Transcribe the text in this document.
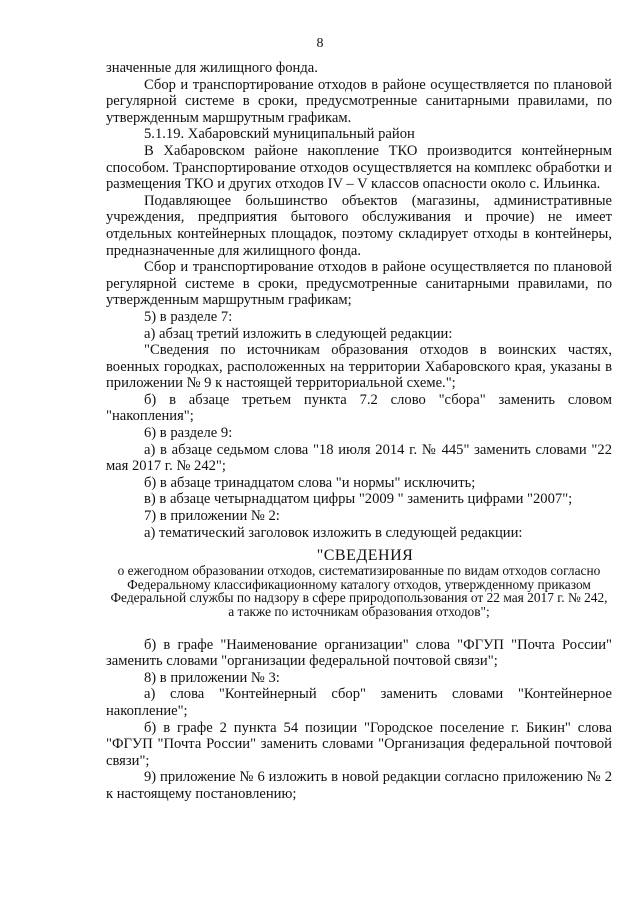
8

значенные для жилищного фонда.

Сбор и транспортирование отходов в районе осуществляется по плановой регулярной системе в сроки, предусмотренные санитарными правилами, по утвержденным маршрутным графикам.

5.1.19. Хабаровский муниципальный район

В Хабаровском районе накопление ТКО производится контейнерным способом. Транспортирование отходов осуществляется на комплекс обработки и размещения ТКО и других отходов IV – V классов опасности около с. Ильинка.

Подавляющее большинство объектов (магазины, административные учреждения, предприятия бытового обслуживания и прочие) не имеет отдельных контейнерных площадок, поэтому складирует отходы в контейнеры, предназначенные для жилищного фонда.

Сбор и транспортирование отходов в районе осуществляется по плановой регулярной системе в сроки, предусмотренные санитарными правилами, по утвержденным маршрутным графикам;

5) в разделе 7:

а) абзац третий изложить в следующей редакции:

"Сведения по источникам образования отходов в воинских частях, военных городках, расположенных на территории Хабаровского края, указаны в приложении № 9 к настоящей территориальной схеме.";

б) в абзаце третьем пункта 7.2 слово "сбора" заменить словом "накопления";

6) в разделе 9:

а) в абзаце седьмом слова "18 июля 2014 г. № 445" заменить словами "22 мая 2017 г. № 242";

б) в абзаце тринадцатом слова "и нормы" исключить;

в) в абзаце четырнадцатом цифры "2009 " заменить цифрами "2007";

7) в приложении № 2:

а) тематический заголовок изложить в следующей редакции:

"СВЕДЕНИЯ

о ежегодном образовании отходов, систематизированные по видам отходов согласно Федеральному классификационному каталогу отходов, утвержденному приказом Федеральной службы по надзору в сфере природопользования от 22 мая 2017 г. № 242, а также по источникам образования отходов";

б) в графе "Наименование организации" слова "ФГУП "Почта России" заменить словами "организации федеральной почтовой связи";

8) в приложении № 3:

а) слова "Контейнерный сбор" заменить словами "Контейнерное накопление";

б) в графе 2 пункта 54 позиции "Городское поселение г. Бикин" слова "ФГУП "Почта России" заменить словами "Организация федеральной почтовой связи";

9) приложение № 6 изложить в новой редакции согласно приложению № 2 к настоящему постановлению;
